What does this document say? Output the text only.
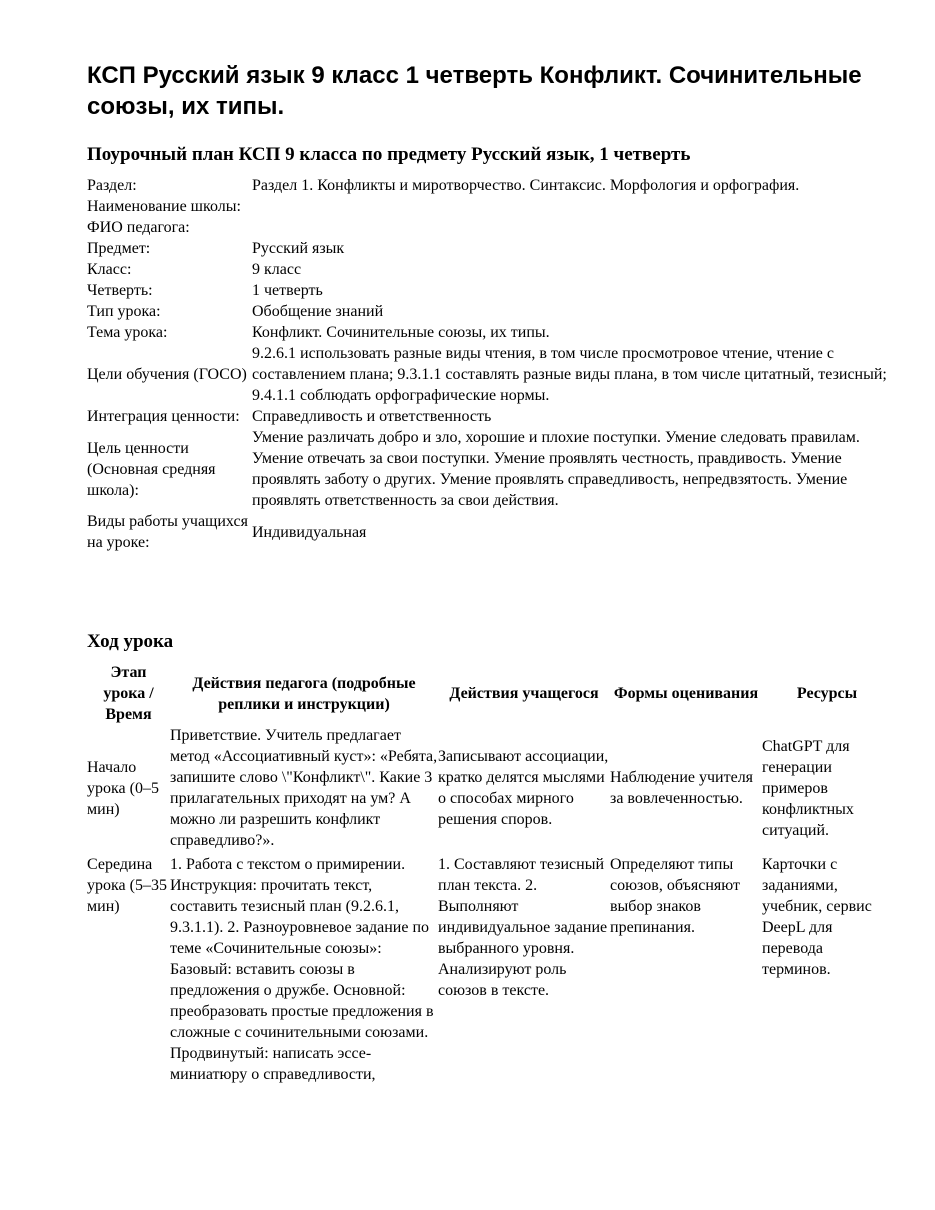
КСП Русский язык 9 класс 1 четверть Конфликт. Сочинительные союзы, их типы.
Поурочный план КСП 9 класса по предмету Русский язык, 1 четверть
Раздел:	Раздел 1. Конфликты и миротворчество. Синтаксис. Морфология и орфография.
Наименование школы:	
ФИО педагога:	
Предмет:	Русский язык
Класс:	9 класс
Четверть:	1 четверть
Тип урока:	Обобщение знаний
Тема урока:	Конфликт. Сочинительные союзы, их типы.
Цели обучения (ГОСО)	9.2.6.1 использовать разные виды чтения, в том числе просмотровое чтение, чтение с составлением плана; 9.3.1.1 составлять разные виды плана, в том числе цитатный, тезисный; 9.4.1.1 соблюдать орфографические нормы.
Интеграция ценности:	Справедливость и ответственность
Цель ценности (Основная средняя школа):	Умение различать добро и зло, хорошие и плохие поступки. Умение следовать правилам. Умение отвечать за свои поступки. Умение проявлять честность, правдивость. Умение проявлять заботу о других. Умение проявлять справедливость, непредвзятость. Умение проявлять ответственность за свои действия.
Виды работы учащихся на уроке:	Индивидуальная
Ход урока
Этап урока / Время	Действия педагога (подробные реплики и инструкции)	Действия учащегося	Формы оценивания	Ресурсы
Начало урока (0–5 мин)	Приветствие. Учитель предлагает метод «Ассоциативный куст»: «Ребята, запишите слово \"Конфликт\". Какие 3 прилагательных приходят на ум? А можно ли разрешить конфликт справедливо?».	Записывают ассоциации, кратко делятся мыслями о способах мирного решения споров.	Наблюдение учителя за вовлеченностью.	ChatGPT для генерации примеров конфликтных ситуаций.
Середина урока (5–35 мин)	1. Работа с текстом о примирении. Инструкция: прочитать текст, составить тезисный план (9.2.6.1, 9.3.1.1). 2. Разноуровневое задание по теме «Сочинительные союзы»: Базовый: вставить союзы в предложения о дружбе. Основной: преобразовать простые предложения в сложные с сочинительными союзами. Продвинутый: написать эссе-миниатюру о справедливости,	1. Составляют тезисный план текста. 2. Выполняют индивидуальное задание выбранного уровня. Анализируют роль союзов в тексте.	Определяют типы союзов, объясняют выбор знаков препинания.	Карточки с заданиями, учебник, сервис DeepL для перевода терминов.
